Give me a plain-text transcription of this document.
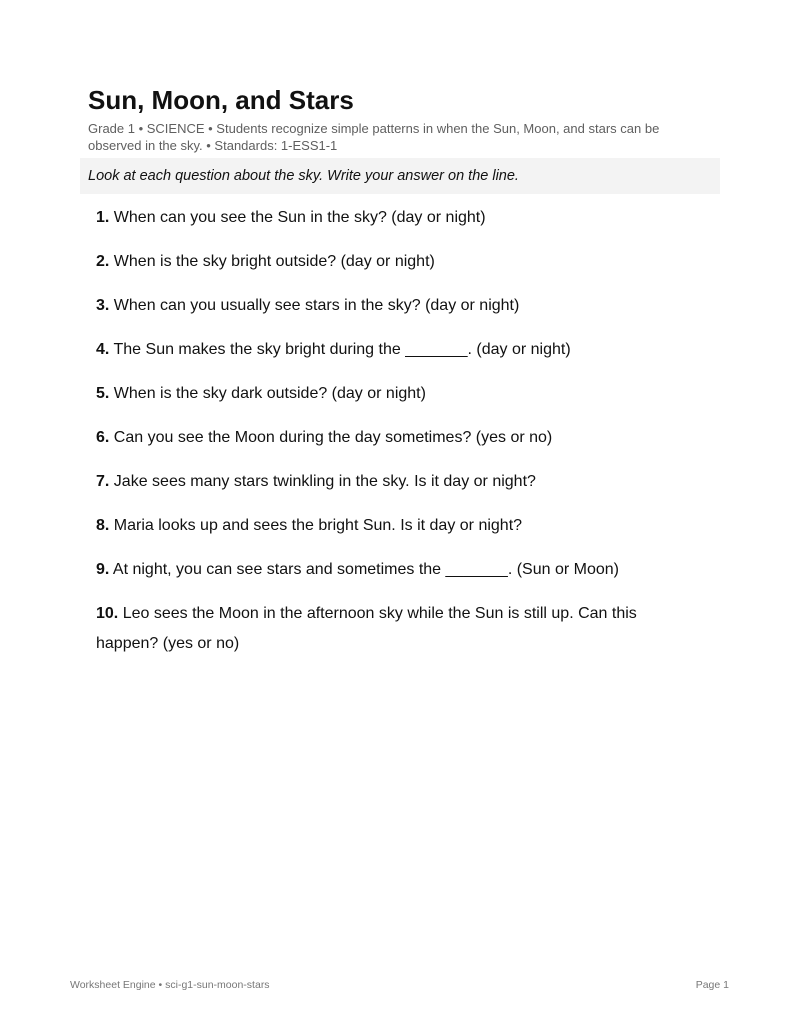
Sun, Moon, and Stars
Grade 1 • SCIENCE • Students recognize simple patterns in when the Sun, Moon, and stars can be observed in the sky. • Standards: 1-ESS1-1
Look at each question about the sky. Write your answer on the line.
1. When can you see the Sun in the sky? (day or night)
2. When is the sky bright outside? (day or night)
3. When can you usually see stars in the sky? (day or night)
4. The Sun makes the sky bright during the _______. (day or night)
5. When is the sky dark outside? (day or night)
6. Can you see the Moon during the day sometimes? (yes or no)
7. Jake sees many stars twinkling in the sky. Is it day or night?
8. Maria looks up and sees the bright Sun. Is it day or night?
9. At night, you can see stars and sometimes the _______. (Sun or Moon)
10. Leo sees the Moon in the afternoon sky while the Sun is still up. Can this happen? (yes or no)
Worksheet Engine • sci-g1-sun-moon-stars	Page 1
